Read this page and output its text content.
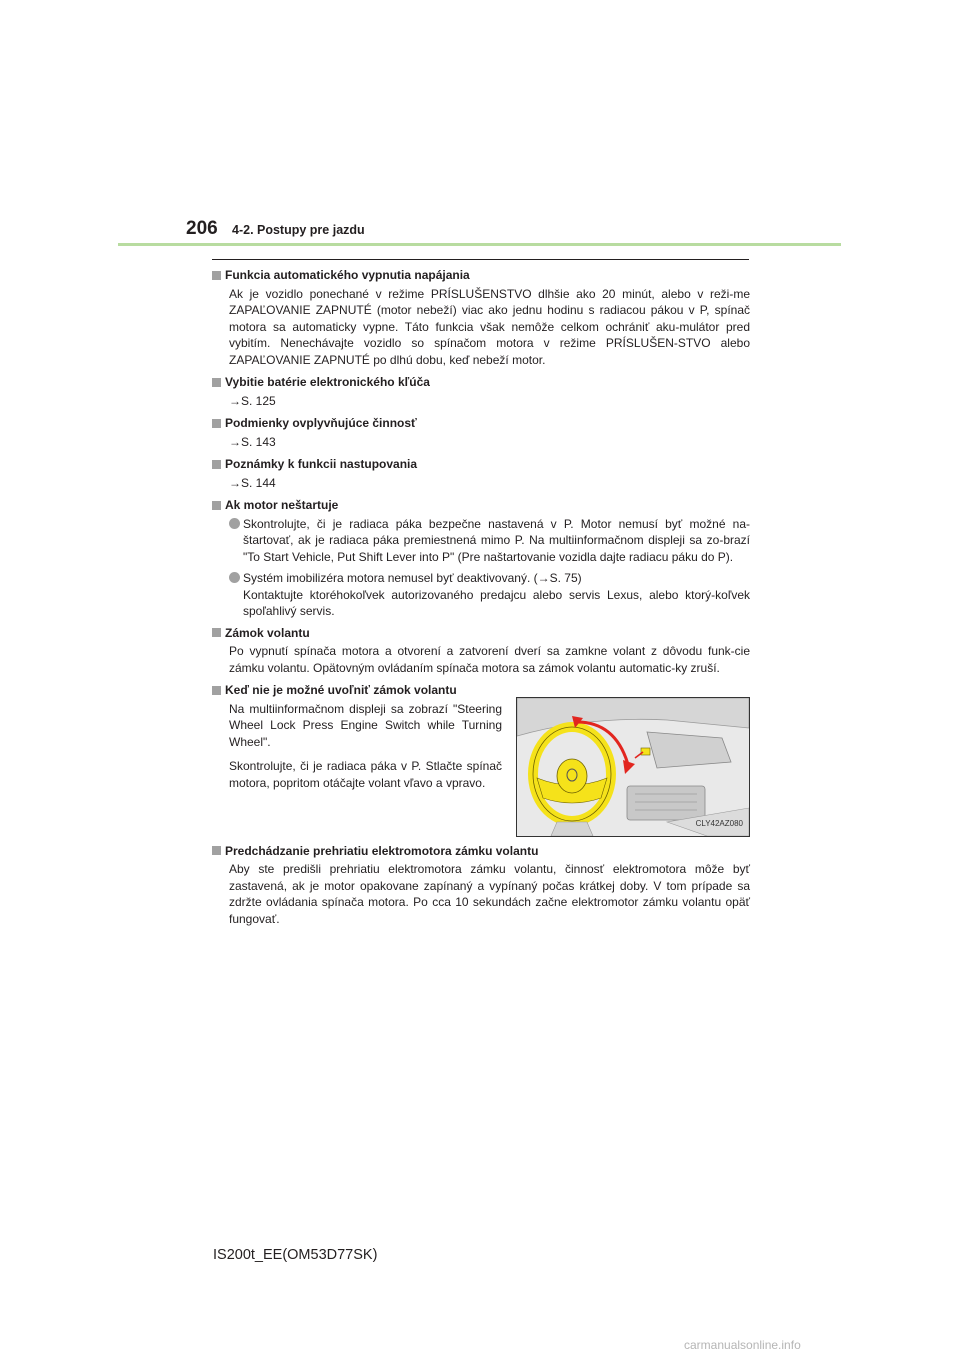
206	4-2. Postupy pre jazdu
Funkcia automatického vypnutia napájania

Ak je vozidlo ponechané v režime PRÍSLUŠENSTVO dlhšie ako 20 minút, alebo v reži-me ZAPAĽOVANIE ZAPNUTÉ (motor nebeží) viac ako jednu hodinu s radiacou pákou v P, spínač motora sa automaticky vypne. Táto funkcia však nemôže celkom ochrániť aku-mulátor pred vybitím. Nenechávajte vozidlo so spínačom motora v režime PRÍSLUŠEN-STVO alebo ZAPAĽOVANIE ZAPNUTÉ po dlhú dobu, keď nebeží motor.

Vybitie batérie elektronického kľúča

→S. 125

Podmienky ovplyvňujúce činnosť

→S. 143

Poznámky k funkcii nastupovania

→S. 144

Ak motor neštartuje
Skontrolujte, či je radiaca páka bezpečne nastavená v P. Motor nemusí byť možné na-štartovať, ak je radiaca páka premiestnená mimo P. Na multiinformačnom displeji sa zo-brazí "To Start Vehicle, Put Shift Lever into P" (Pre naštartovanie vozidla dajte radiacu páku do P).
Systém imobilizéra motora nemusel byť deaktivovaný. (→S. 75)
Kontaktujte ktoréhokoľvek autorizovaného predajcu alebo servis Lexus, alebo ktorý-koľvek spoľahlivý servis.
Zámok volantu

Po vypnutí spínača motora a otvorení a zatvorení dverí sa zamkne volant z dôvodu funk-cie zámku volantu. Opätovným ovládaním spínača motora sa zámok volantu automatic-ky zruší.

Keď nie je možné uvoľniť zámok volantu

Na multiinformačnom displeji sa zobrazí "Steering Wheel Lock Press Engine Switch while Turning Wheel".

Skontrolujte, či je radiaca páka v P. Stlačte spínač motora, popritom otáčajte volant vľavo a vpravo.

CLY42AZ080
Predchádzanie prehriatiu elektromotora zámku volantu

Aby ste predišli prehriatiu elektromotora zámku volantu, činnosť elektromotora môže byť zastavená, ak je motor opakovane zapínaný a vypínaný počas krátkej doby. V tom prípade sa zdržte ovládania spínača motora. Po cca 10 sekundách začne elektromotor zámku volantu opäť fungovať.

IS200t_EE(OM53D77SK)
carmanualsonline.info
